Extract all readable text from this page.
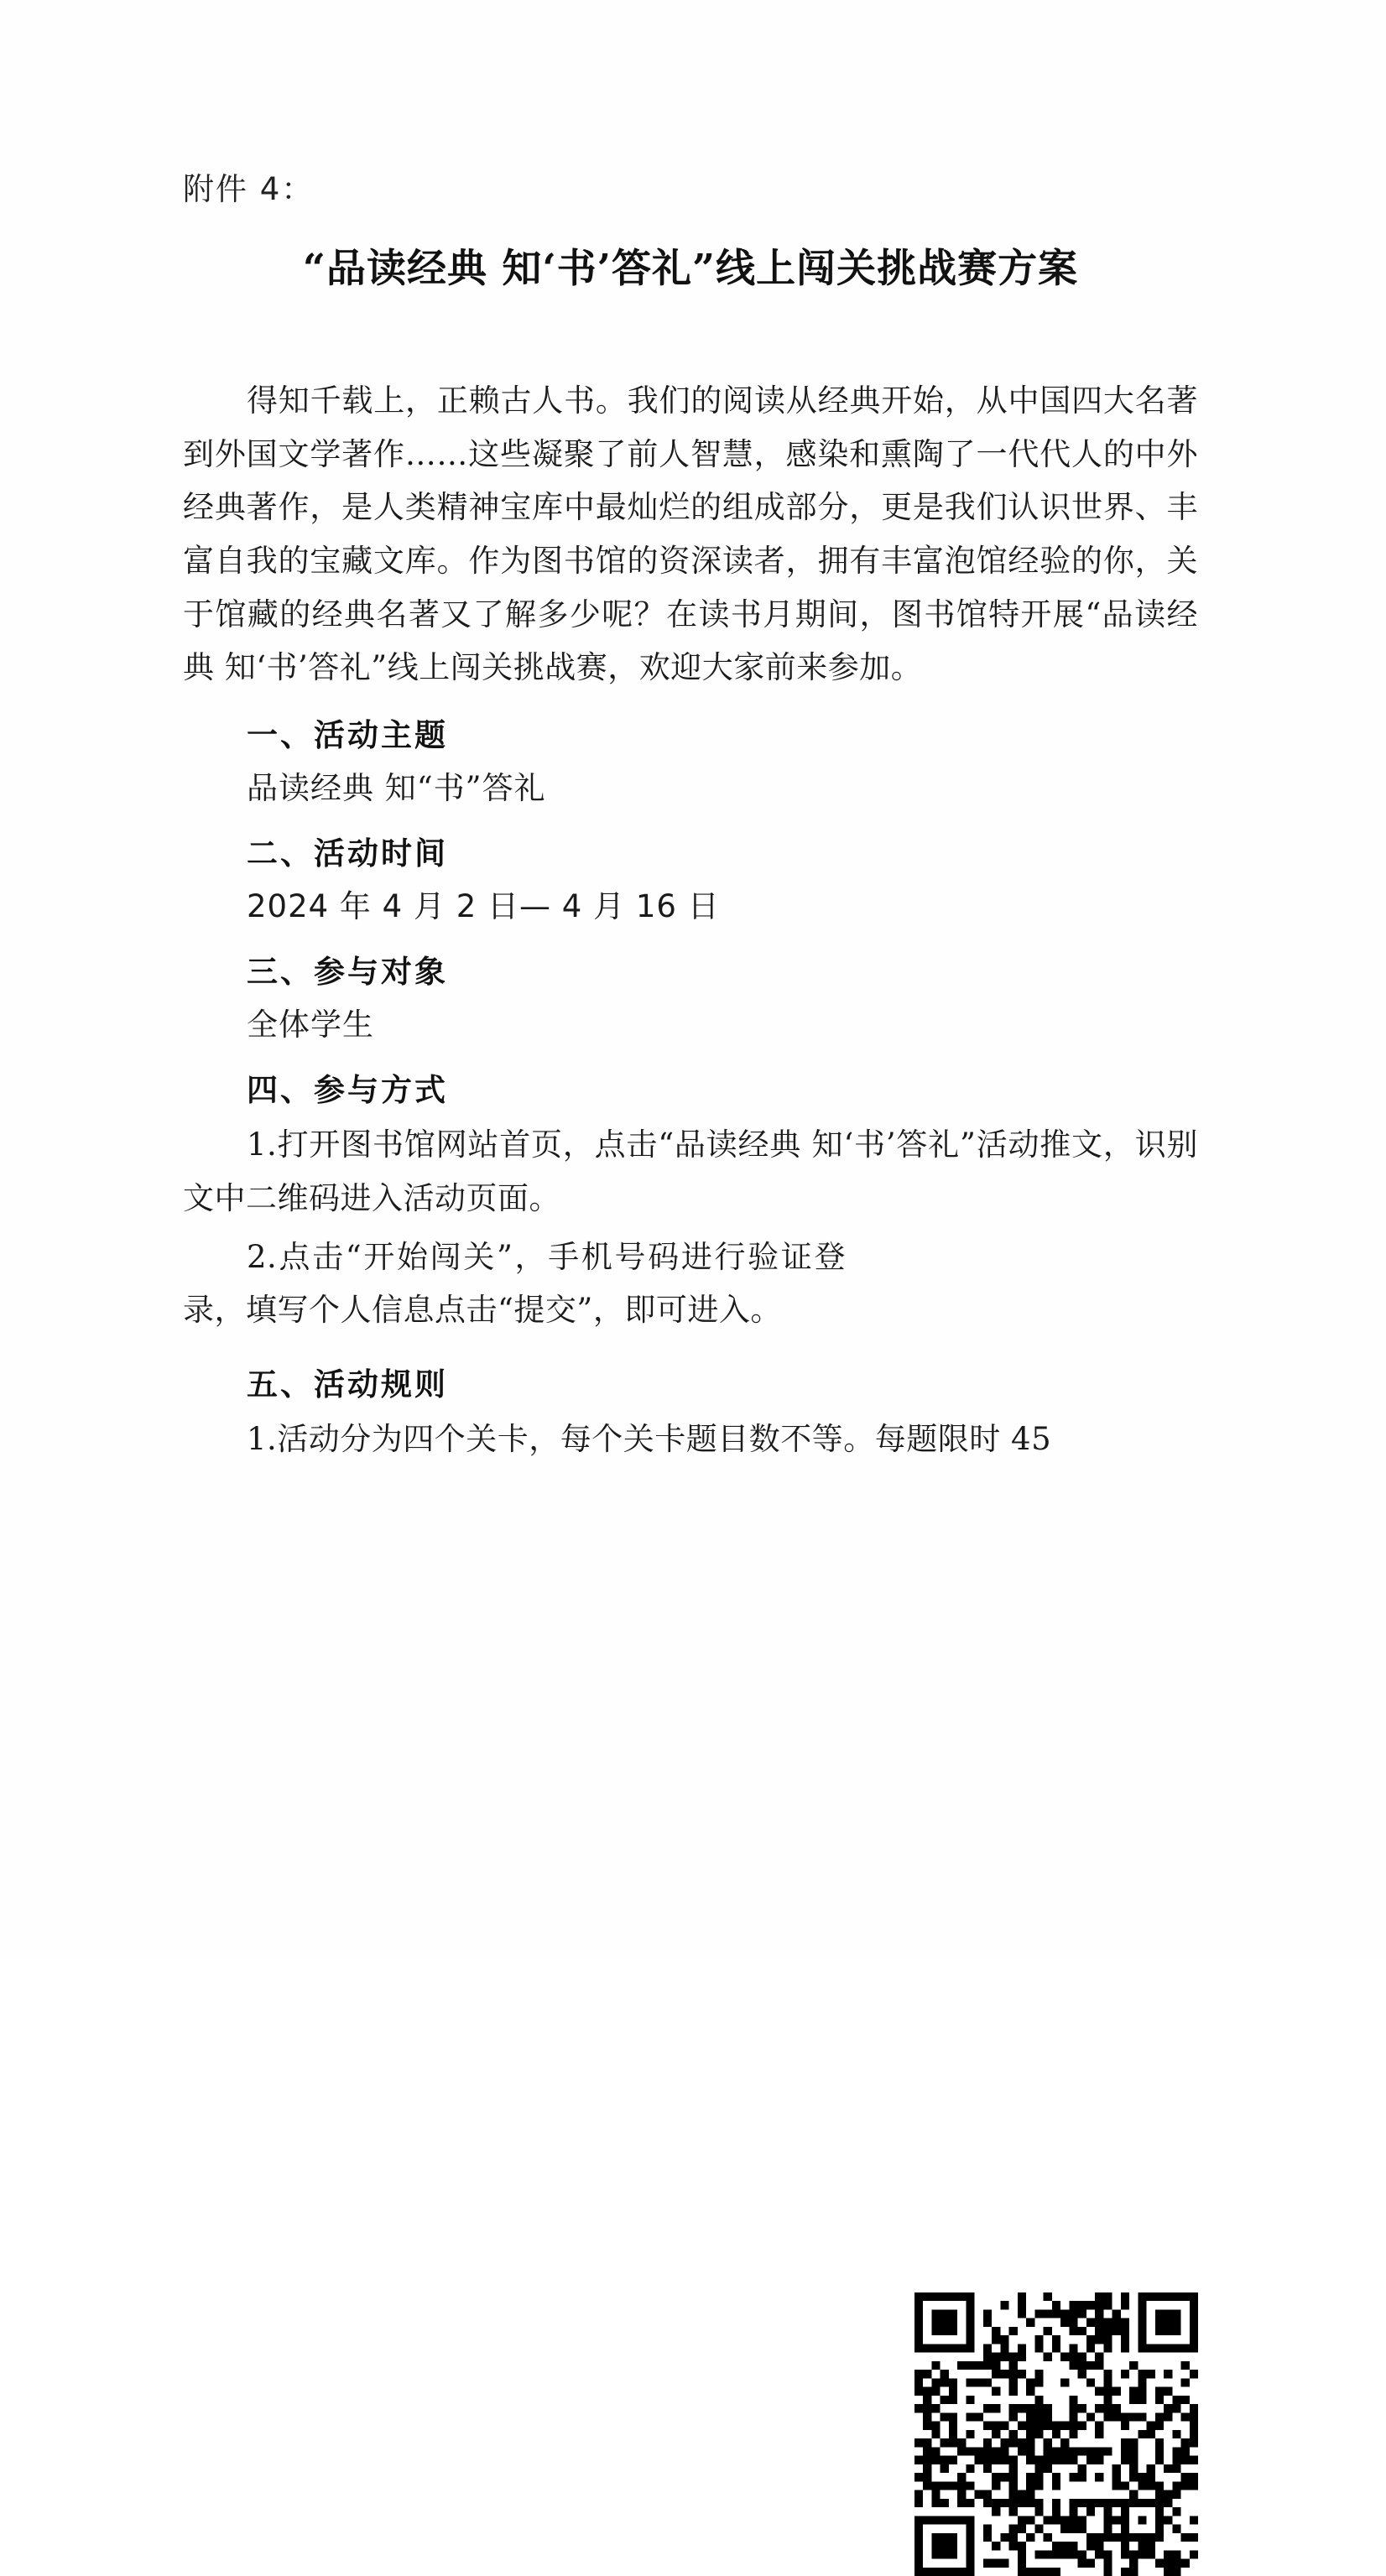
附件 4：
“品读经典 知‘书’答礼”线上闯关挑战赛方案

得知千载上，正赖古人书。我们的阅读从经典开始，从中国四大名著到外国文学著作……这些凝聚了前人智慧，感染和熏陶了一代代人的中外经典著作，是人类精神宝库中最灿烂的组成部分，更是我们认识世界、丰富自我的宝藏文库。作为图书馆的资深读者，拥有丰富泡馆经验的你，关于馆藏的经典名著又了解多少呢？在读书月期间，图书馆特开展“品读经典 知‘书’答礼”线上闯关挑战赛，欢迎大家前来参加。

一、活动主题
品读经典 知“书”答礼
二、活动时间
2024 年 4 月 2 日— 4 月 16 日
三、参与对象
全体学生
四、参与方式

1.打开图书馆网站首页，点击“品读经典 知‘书’答礼”活动推文，识别文中二维码进入活动页面。

2.点击“开始闯关”，手机号码进行验证登录，填写个人信息点击“提交”，即可进入。

五、活动规则

1.活动分为四个关卡，每个关卡题目数不等。每题限时 45
